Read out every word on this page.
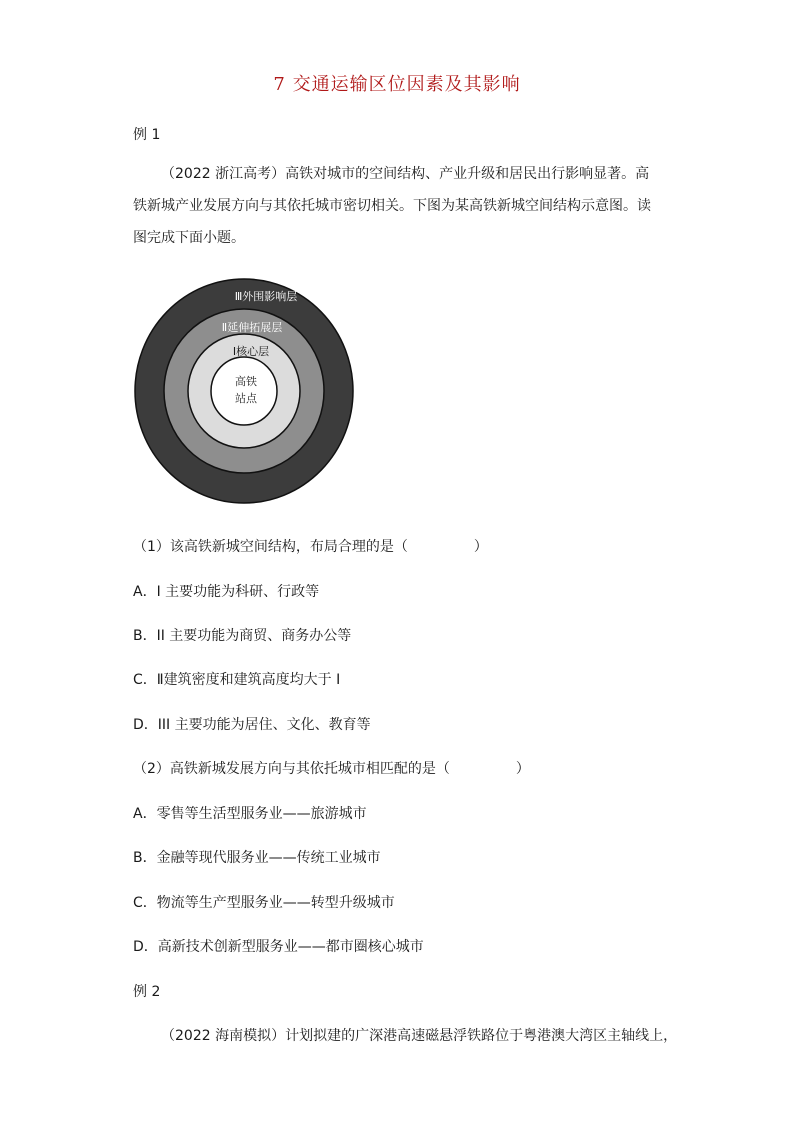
7 交通运输区位因素及其影响
例 1
（2022 浙江高考）高铁对城市的空间结构、产业升级和居民出行影响显著。高铁新城产业发展方向与其依托城市密切相关。下图为某高铁新城空间结构示意图。读图完成下面小题。
Ⅲ外围影响层
Ⅱ延伸拓展层
Ⅰ核心层
高铁
站点
（1）该高铁新城空间结构，布局合理的是（	）
A．I 主要功能为科研、行政等
B．II 主要功能为商贸、商务办公等
C．Ⅱ建筑密度和建筑高度均大于 I
D．III 主要功能为居住、文化、教育等
（2）高铁新城发展方向与其依托城市相匹配的是（	）
A．零售等生活型服务业——旅游城市
B．金融等现代服务业——传统工业城市
C．物流等生产型服务业——转型升级城市
D．高新技术创新型服务业——都市圈核心城市
例 2
（2022 海南模拟）计划拟建的广深港高速磁悬浮铁路位于粤港澳大湾区主轴线上，
